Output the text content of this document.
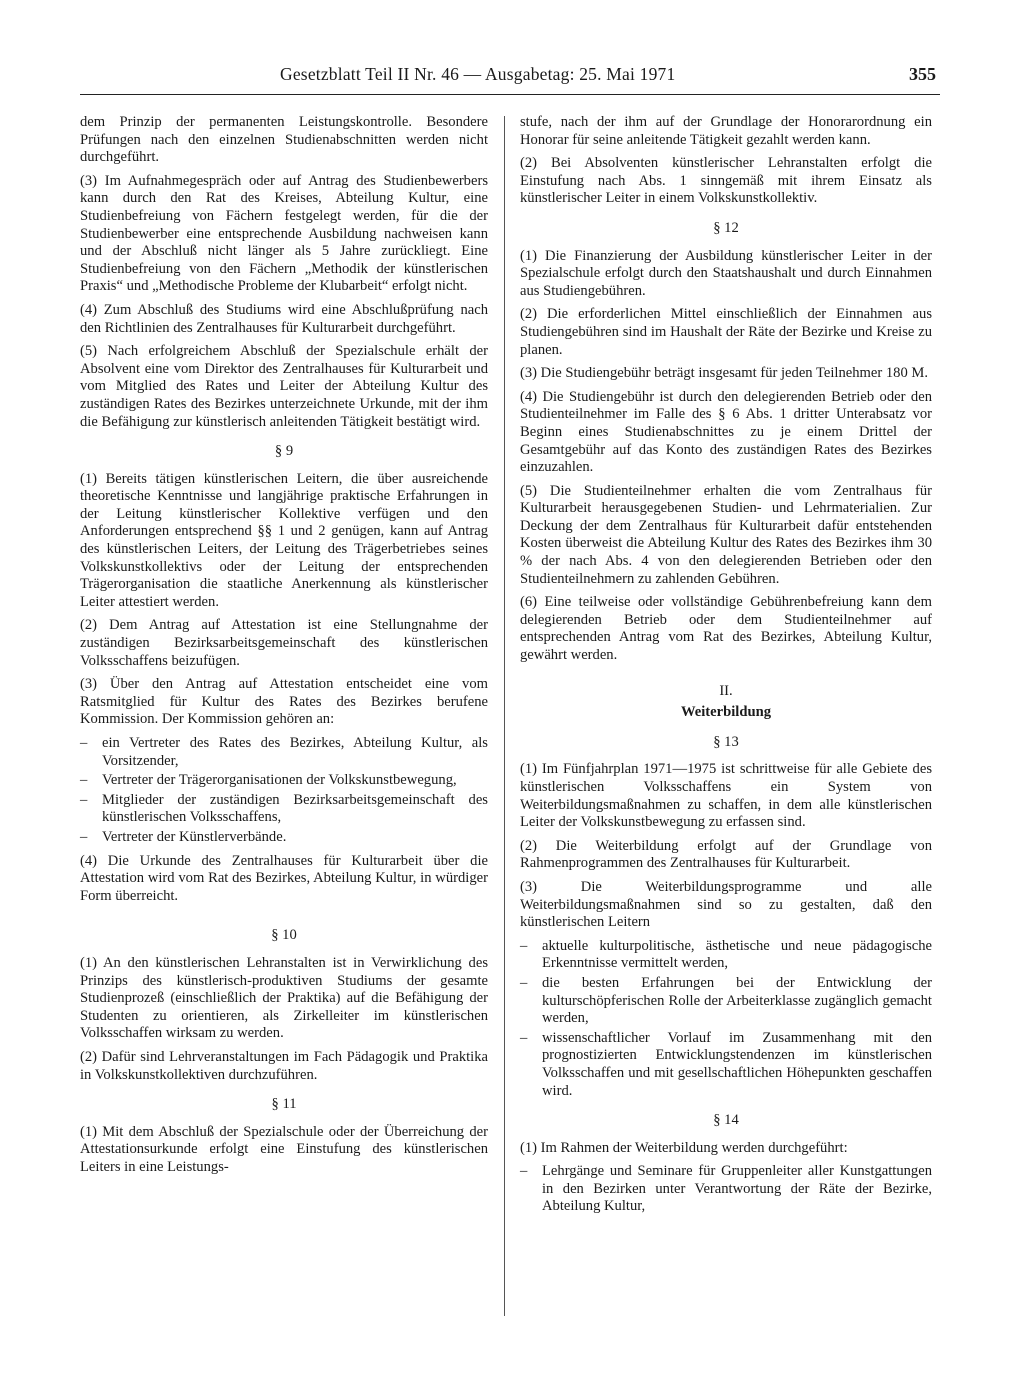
Gesetzblatt Teil II Nr. 46 — Ausgabetag: 25. Mai 1971	355

dem Prinzip der permanenten Leistungskontrolle. Besondere Prüfungen nach den einzelnen Studienabschnitten werden nicht durchgeführt.

(3) Im Aufnahmegespräch oder auf Antrag des Studienbewerbers kann durch den Rat des Kreises, Abteilung Kultur, eine Studienbefreiung von Fächern festgelegt werden, für die der Studienbewerber eine entsprechende Ausbildung nachweisen kann und der Abschluß nicht länger als 5 Jahre zurückliegt. Eine Studienbefreiung von den Fächern „Methodik der künstlerischen Praxis“ und „Methodische Probleme der Klubarbeit“ erfolgt nicht.

(4) Zum Abschluß des Studiums wird eine Abschlußprüfung nach den Richtlinien des Zentralhauses für Kulturarbeit durchgeführt.

(5) Nach erfolgreichem Abschluß der Spezialschule erhält der Absolvent eine vom Direktor des Zentralhauses für Kulturarbeit und vom Mitglied des Rates und Leiter der Abteilung Kultur des zuständigen Rates des Bezirkes unterzeichnete Urkunde, mit der ihm die Befähigung zur künstlerisch anleitenden Tätigkeit bestätigt wird.

§ 9

(1) Bereits tätigen künstlerischen Leitern, die über ausreichende theoretische Kenntnisse und langjährige praktische Erfahrungen in der Leitung künstlerischer Kollektive verfügen und den Anforderungen entsprechend §§ 1 und 2 genügen, kann auf Antrag des künstlerischen Leiters, der Leitung des Trägerbetriebes seines Volkskunstkollektivs oder der Leitung der entsprechenden Trägerorganisation die staatliche Anerkennung als künstlerischer Leiter attestiert werden.

(2) Dem Antrag auf Attestation ist eine Stellungnahme der zuständigen Bezirksarbeitsgemeinschaft des künstlerischen Volksschaffens beizufügen.

(3) Über den Antrag auf Attestation entscheidet eine vom Ratsmitglied für Kultur des Rates des Bezirkes berufene Kommission. Der Kommission gehören an:

– ein Vertreter des Rates des Bezirkes, Abteilung Kultur, als Vorsitzender,
– Vertreter der Trägerorganisationen der Volkskunstbewegung,
– Mitglieder der zuständigen Bezirksarbeitsgemeinschaft des künstlerischen Volksschaffens,
– Vertreter der Künstlerverbände.

(4) Die Urkunde des Zentralhauses für Kulturarbeit über die Attestation wird vom Rat des Bezirkes, Abteilung Kultur, in würdiger Form überreicht.

§ 10

(1) An den künstlerischen Lehranstalten ist in Verwirklichung des Prinzips des künstlerisch-produktiven Studiums der gesamte Studienprozeß (einschließlich der Praktika) auf die Befähigung der Studenten zu orientieren, als Zirkelleiter im künstlerischen Volksschaffen wirksam zu werden.

(2) Dafür sind Lehrveranstaltungen im Fach Pädagogik und Praktika in Volkskunstkollektiven durchzuführen.

§ 11

(1) Mit dem Abschluß der Spezialschule oder der Überreichung der Attestationsurkunde erfolgt eine Einstufung des künstlerischen Leiters in eine Leistungs-

stufe, nach der ihm auf der Grundlage der Honorarordnung ein Honorar für seine anleitende Tätigkeit gezahlt werden kann.

(2) Bei Absolventen künstlerischer Lehranstalten erfolgt die Einstufung nach Abs. 1 sinngemäß mit ihrem Einsatz als künstlerischer Leiter in einem Volkskunstkollektiv.

§ 12

(1) Die Finanzierung der Ausbildung künstlerischer Leiter in der Spezialschule erfolgt durch den Staatshaushalt und durch Einnahmen aus Studiengebühren.

(2) Die erforderlichen Mittel einschließlich der Einnahmen aus Studiengebühren sind im Haushalt der Räte der Bezirke und Kreise zu planen.

(3) Die Studiengebühr beträgt insgesamt für jeden Teilnehmer 180 M.

(4) Die Studiengebühr ist durch den delegierenden Betrieb oder den Studienteilnehmer im Falle des § 6 Abs. 1 dritter Unterabsatz vor Beginn eines Studienabschnittes zu je einem Drittel der Gesamtgebühr auf das Konto des zuständigen Rates des Bezirkes einzuzahlen.

(5) Die Studienteilnehmer erhalten die vom Zentralhaus für Kulturarbeit herausgegebenen Studien- und Lehrmaterialien. Zur Deckung der dem Zentralhaus für Kulturarbeit dafür entstehenden Kosten überweist die Abteilung Kultur des Rates des Bezirkes ihm 30 % der nach Abs. 4 von den delegierenden Betrieben oder den Studienteilnehmern zu zahlenden Gebühren.

(6) Eine teilweise oder vollständige Gebührenbefreiung kann dem delegierenden Betrieb oder dem Studienteilnehmer auf entsprechenden Antrag vom Rat des Bezirkes, Abteilung Kultur, gewährt werden.

II.
Weiterbildung
§ 13

(1) Im Fünfjahrplan 1971—1975 ist schrittweise für alle Gebiete des künstlerischen Volksschaffens ein System von Weiterbildungsmaßnahmen zu schaffen, in dem alle künstlerischen Leiter der Volkskunstbewegung zu erfassen sind.

(2) Die Weiterbildung erfolgt auf der Grundlage von Rahmenprogrammen des Zentralhauses für Kulturarbeit.

(3) Die Weiterbildungsprogramme und alle Weiterbildungsmaßnahmen sind so zu gestalten, daß den künstlerischen Leitern

– aktuelle kulturpolitische, ästhetische und neue pädagogische Erkenntnisse vermittelt werden,
– die besten Erfahrungen bei der Entwicklung der kulturschöpferischen Rolle der Arbeiterklasse zugänglich gemacht werden,
– wissenschaftlicher Vorlauf im Zusammenhang mit den prognostizierten Entwicklungstendenzen im künstlerischen Volksschaffen und mit gesellschaftlichen Höhepunkten geschaffen wird.
§ 14

(1) Im Rahmen der Weiterbildung werden durchgeführt:

– Lehrgänge und Seminare für Gruppenleiter aller Kunstgattungen in den Bezirken unter Verantwortung der Räte der Bezirke, Abteilung Kultur,
